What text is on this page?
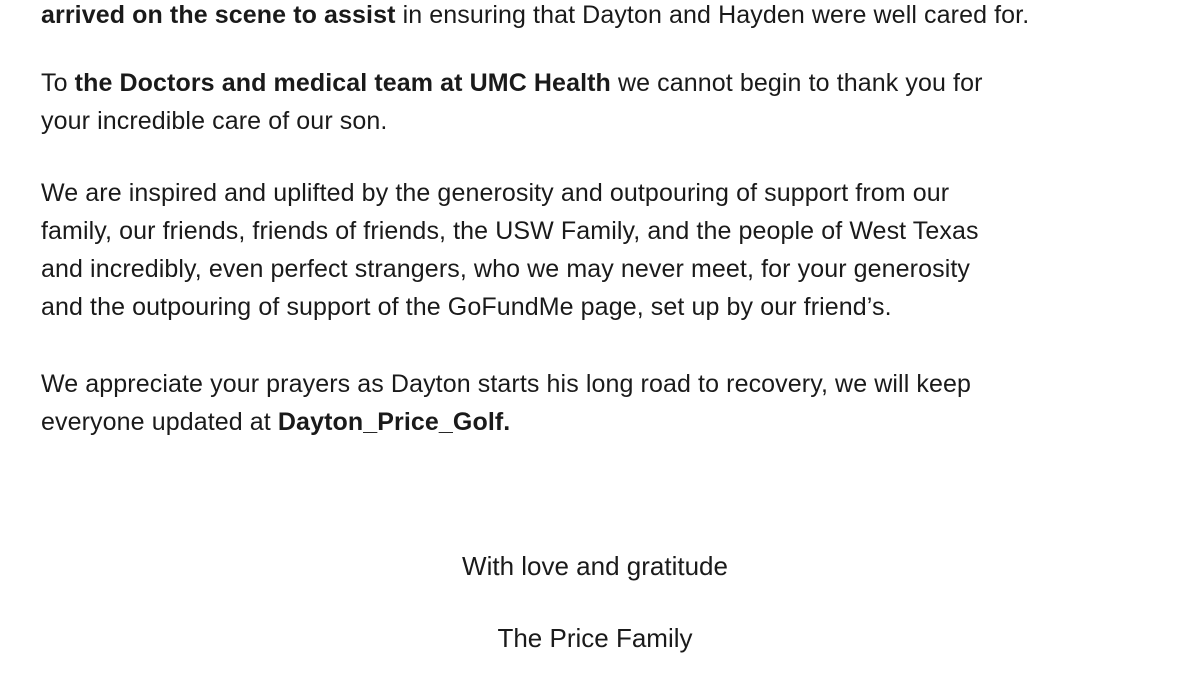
arrived on the scene to assist in ensuring that Dayton and Hayden were well cared for.

To the Doctors and medical team at UMC Health we cannot begin to thank you for
your incredible care of our son.

We are inspired and uplifted by the generosity and outpouring of support from our
family, our friends, friends of friends, the USW Family, and the people of West Texas
and incredibly, even perfect strangers, who we may never meet, for your generosity
and the outpouring of support of the GoFundMe page, set up by our friend’s.

We appreciate your prayers as Dayton starts his long road to recovery, we will keep
everyone updated at Dayton_Price_Golf.

With love and gratitude

The Price Family
